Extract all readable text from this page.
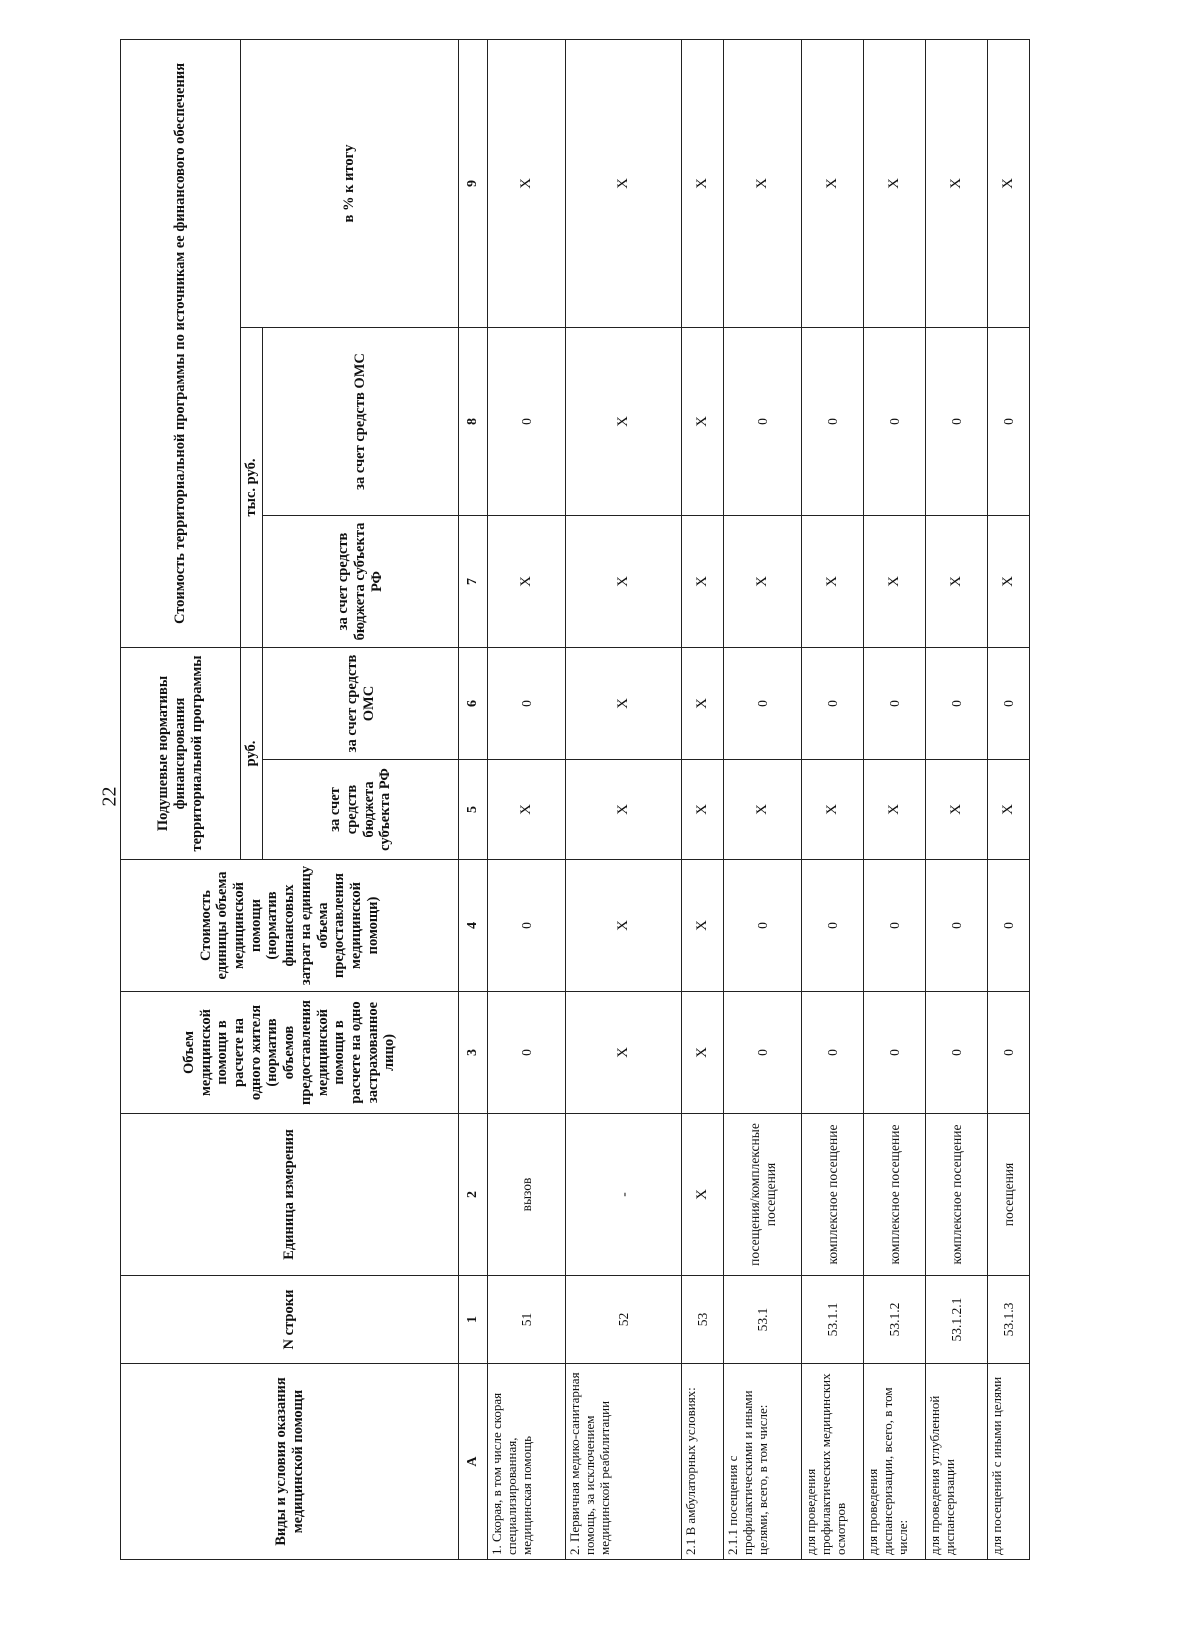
22
Виды и условия оказания медицинской помощи	N строки	Единица измерения	Объем медицинской помощи в расчете на одного жителя (норматив объемов предоставления медицинской помощи в расчете на одно застрахованное лицо)	Стоимость единицы объема медицинской помощи (норматив финансовых затрат на единицу объема предоставления медицинской помощи)	Подушевые нормативы финансирования территориальной программы		Стоимость территориальной программы по источникам ее финансового обеспечения		
					руб.		тыс. руб.		в % к итогу
					за счет средств бюджета субъекта РФ	за счет средств ОМС	за счет средств бюджета субъекта РФ	за счет средств ОМС	
А	1	2	3	4	5	6	7	8	9
1. Скорая, в том числе скорая специализированная, медицинская помощь	51	вызов	0	0	X	0	X	0	X
2. Первичная медико-санитарная помощь, за исключением медицинской реабилитации	52	-	X	X	X	X	X	X	X
2.1 В амбулаторных условиях:	53	X	X	X	X	X	X	X	X
2.1.1 посещения с профилактическими и иными целями, всего, в том числе:	53.1	посещения/комплексные посещения	0	0	X	0	X	0	X
для проведения профилактических медицинских осмотров	53.1.1	комплексное посещение	0	0	X	0	X	0	X
для проведения диспансеризации, всего, в том числе:	53.1.2	комплексное посещение	0	0	X	0	X	0	X
для проведения углубленной диспансеризации	53.1.2.1	комплексное посещение	0	0	X	0	X	0	X
для посещений с иными целями	53.1.3	посещения	0	0	X	0	X	0	X
